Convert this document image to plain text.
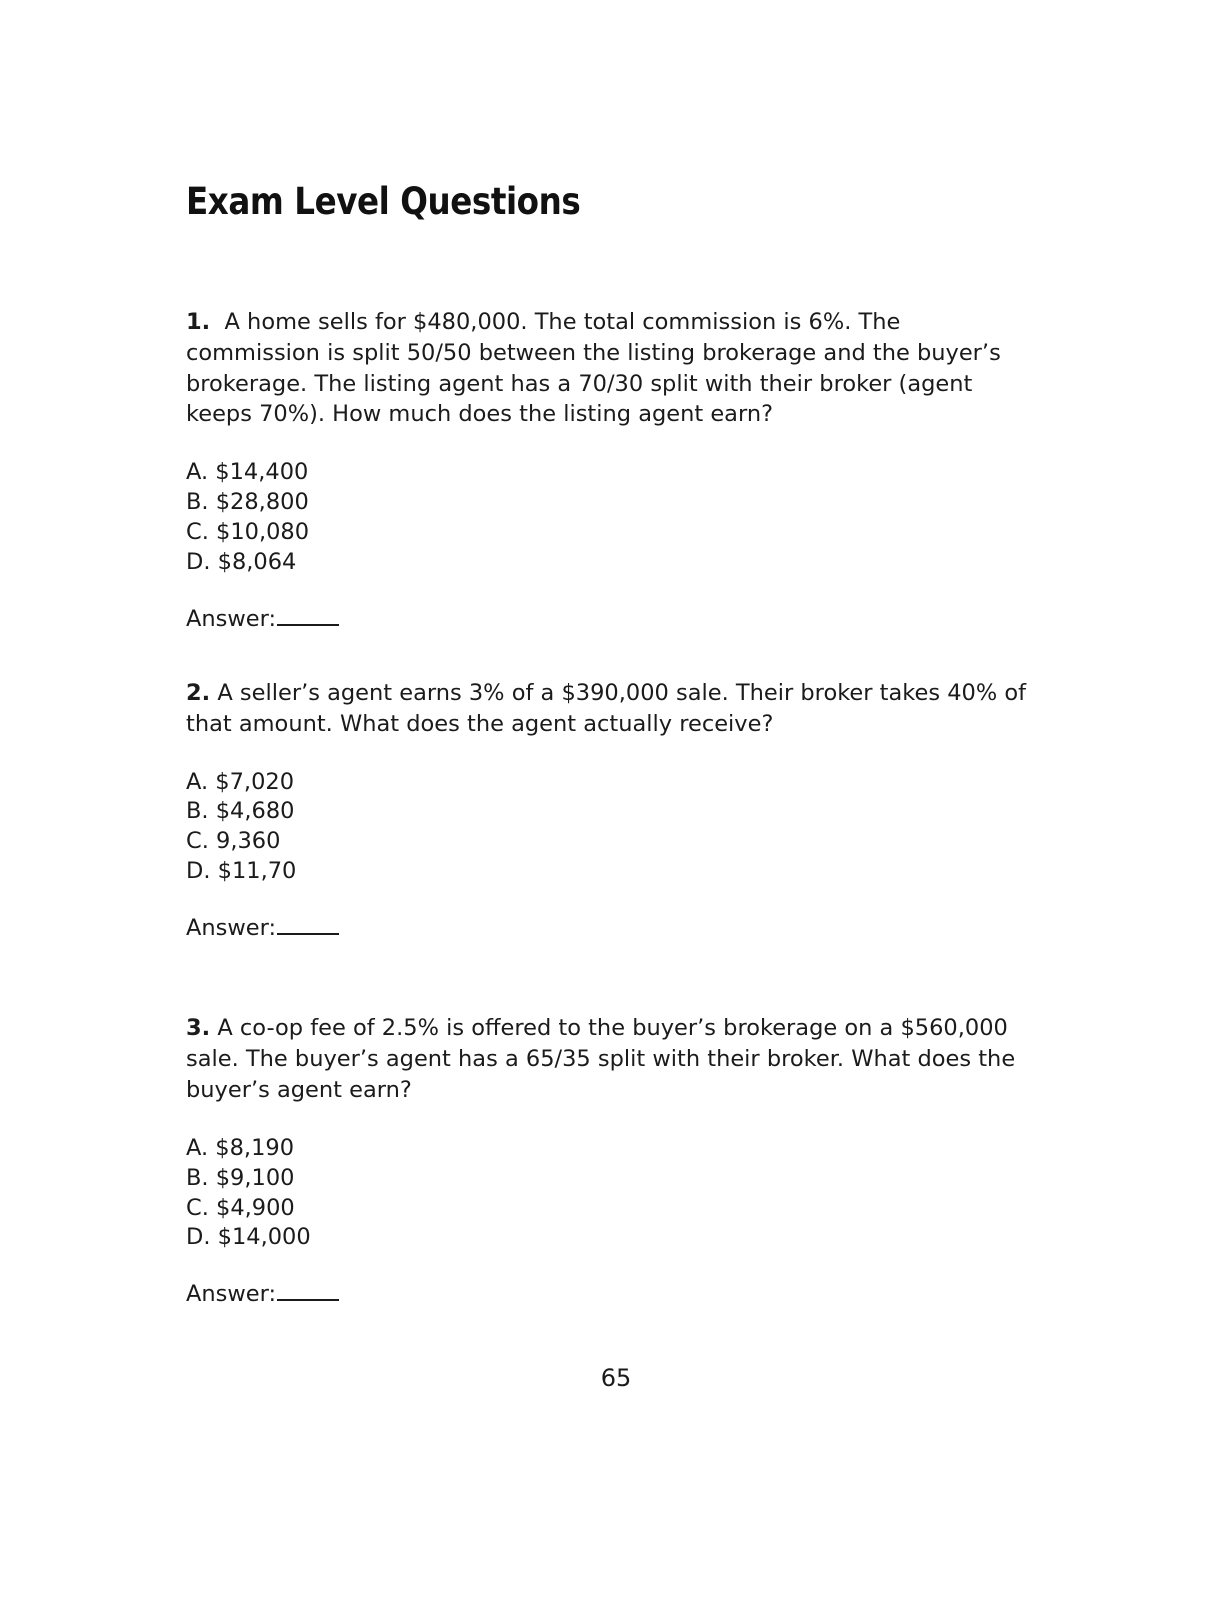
Exam Level Questions

1. A home sells for $480,000. The total commission is 6%. The commission is split 50/50 between the listing brokerage and the buyer’s brokerage. The listing agent has a 70/30 split with their broker (agent keeps 70%). How much does the listing agent earn?

A. $14,400
B. $28,800
C. $10,080
D. $8,064
Answer:

2. A seller’s agent earns 3% of a $390,000 sale. Their broker takes 40% of that amount. What does the agent actually receive?

A. $7,020
B. $4,680
C. 9,360
D. $11,70
Answer:

3. A co-op fee of 2.5% is offered to the buyer’s brokerage on a $560,000 sale. The buyer’s agent has a 65/35 split with their broker. What does the buyer’s agent earn?

A. $8,190
B. $9,100
C. $4,900
D. $14,000
Answer:
65
